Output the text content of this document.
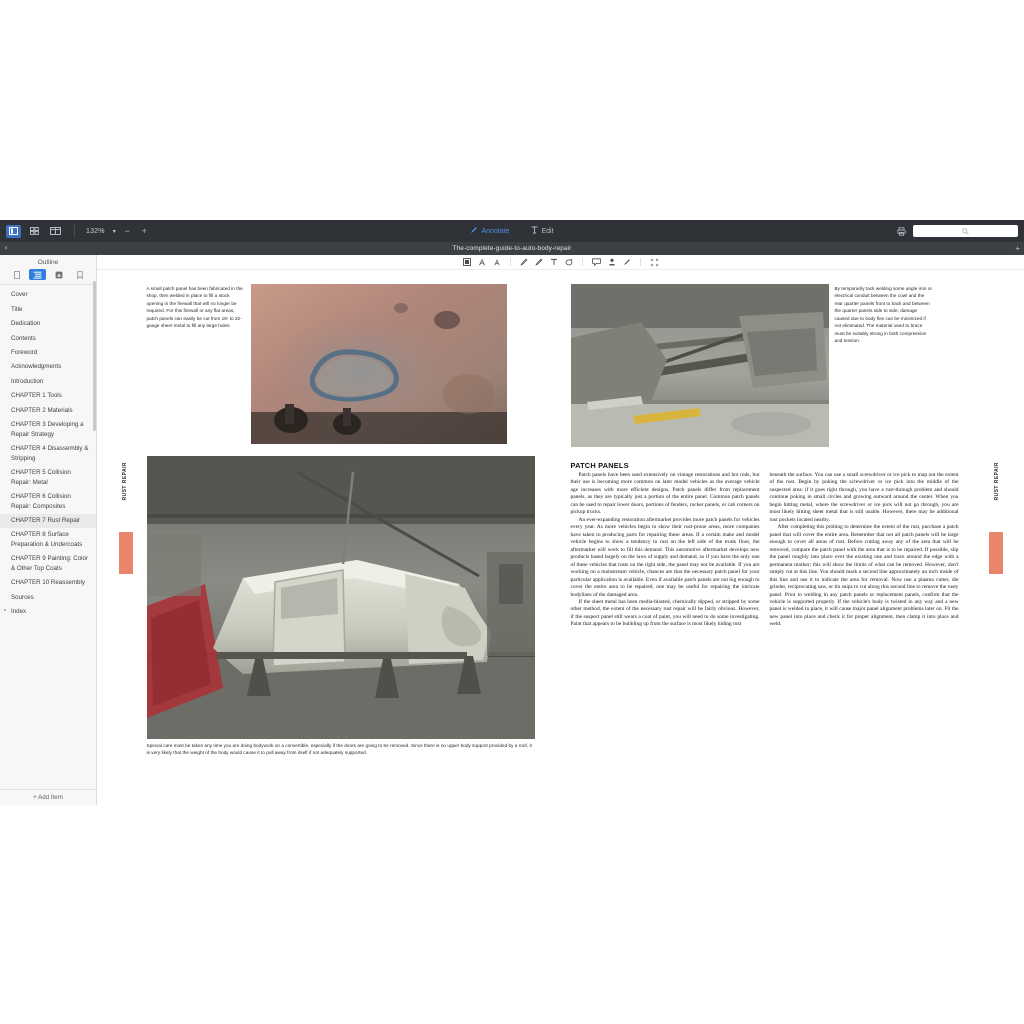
132% ▾ −	+	Annotate	Edit
×	The-complete-guide-to-auto-body-repair	+
Outline
Cover
Title
Dedication
Contents
Foreword
Acknowledgments
Introduction
CHAPTER 1 Tools
CHAPTER 2 Materials
CHAPTER 3 Developing a Repair Strategy
CHAPTER 4 Disassembly & Stripping
CHAPTER 5 Collision Repair: Metal
CHAPTER 6 Collision Repair: Composites
CHAPTER 7 Rust Repair
CHAPTER 8 Surface Preparation & Undercoats
CHAPTER 9 Painting: Color & Other Top Coats
CHAPTER 10 Reassembly
Sources
▸ Index
+ Add Item
A small patch panel has been fabricated in the shop, then welded in place to fill a stock opening in the firewall that will no longer be required. For this firewall or any flat areas, patch panels can easily be cut from 18- to 22-gauge sheet metal to fill any large holes.
Special care must be taken any time you are doing bodywork on a convertible, especially if the doors are going to be removed. Since there is no upper body support provided by a roof, it is very likely that the weight of the body would cause it to pull away from itself if not adequately supported.
RUST REPAIR
By temporarily tack welding some angle iron or electrical conduit between the cowl and the rear quarter panels front to back and between the quarter panels side to side, damage caused due to body flex can be minimized if not eliminated. The material used to brace must be suitably strong in both compression and tension.
PATCH PANELS

Patch panels have been used extensively on vintage restorations and hot rods, but their use is becoming more common on later model vehicles as the average vehicle age increases with more efficient designs. Patch panels differ from replacement panels, as they are typically just a portion of the entire panel. Common patch panels can be used to repair lower doors, portions of fenders, rocker panels, or cab corners on pickup trucks.

An ever-expanding restoration aftermarket provides more patch panels for vehicles every year. As more vehicles begin to show their rust-prone areas, more companies have taken to producing parts for repairing these areas. If a certain make and model vehicle begins to show a tendency to rust on the left side of the trunk floor, the aftermarket will work to fill this demand. This automotive aftermarket develops new products based largely on the laws of supply and demand, so if you have the only one of these vehicles that rusts on the right side, the panel may not be available. If you are working on a mainstream vehicle, chances are that the necessary patch panel for your particular application is available. Even if available patch panels are not big enough to cover the entire area to be repaired, one may be useful for repairing the intricate bodylines of the damaged area.

If the sheet metal has been media-blasted, chemically dipped, or stripped by some other method, the extent of the necessary rust repair will be fairly obvious. However, if the suspect panel still wears a coat of paint, you will need to do some investigating. Paint that appears to be bubbling up from the surface is most likely hiding rust

beneath the surface. You can use a small screwdriver or ice pick to map out the extent of the rust. Begin by poking the screwdriver or ice pick into the middle of the suspected area: if it goes right through, you have a rust-through problem and should continue poking in small circles and growing outward around the center. When you begin hitting metal, where the screwdriver or ice pick will not go through, you are most likely hitting sheet metal that is still usable. However, there may be additional rust pockets located nearby.

After completing this probing to determine the extent of the rust, purchase a patch panel that will cover the entire area. Remember that not all patch panels will be large enough to cover all areas of rust. Before cutting away any of the area that will be removed, compare the patch panel with the area that is to be repaired. If possible, slip the panel roughly into place over the existing one and trace around the edge with a permanent marker; this will show the limits of what can be removed. However, don't simply cut at this line. You should mark a second line approximately an inch inside of this line and use it to indicate the area for removal. Now use a plasma cutter, die grinder, reciprocating saw, or tin snips to cut along this second line to remove the rusty panel. Prior to welding in any patch panels or replacement panels, confirm that the vehicle is supported properly. If the vehicle's body is twisted in any way and a new panel is welded in place, it will cause major panel alignment problems later on. Fit the new panel into place and check it for proper alignment, then clamp it into place and weld.

RUST REPAIR
